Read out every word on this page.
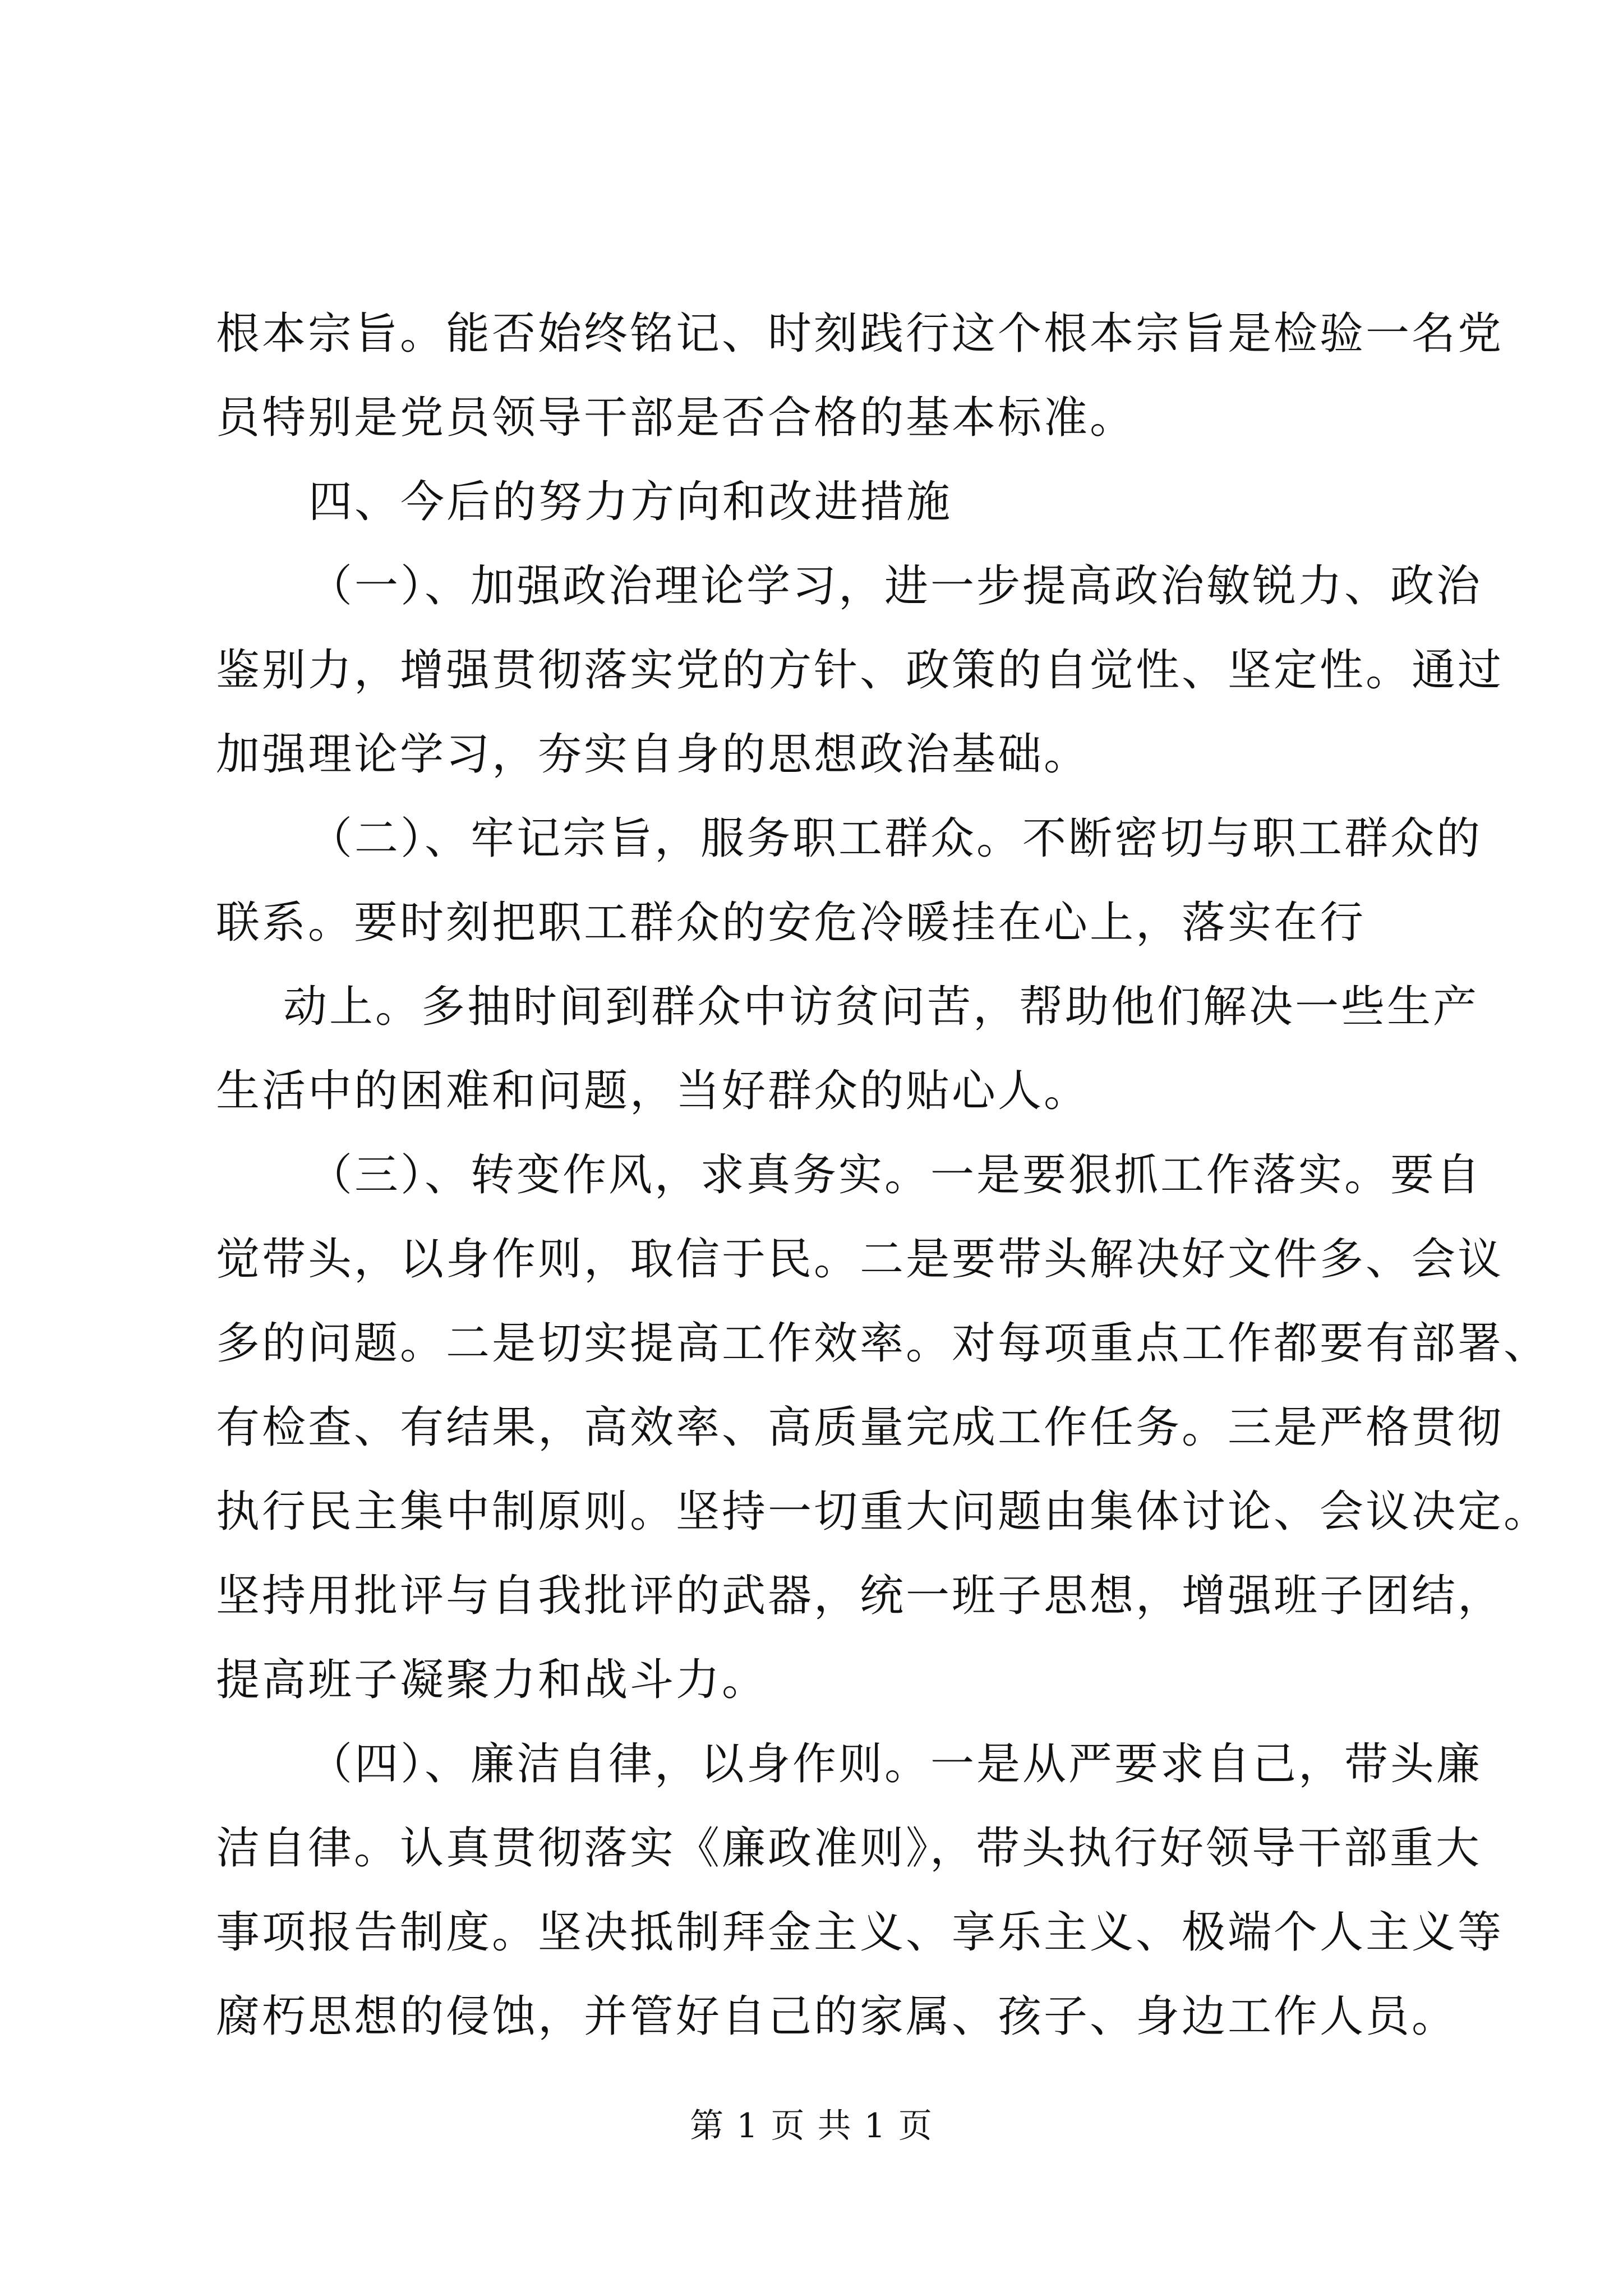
根本宗旨。能否始终铭记、时刻践行这个根本宗旨是检验一名党
员特别是党员领导干部是否合格的基本标准。
四、今后的努力方向和改进措施
（一）、加强政治理论学习，进一步提高政治敏锐力、政治
鉴别力，增强贯彻落实党的方针、政策的自觉性、坚定性。通过
加强理论学习，夯实自身的思想政治基础。
（二）、牢记宗旨，服务职工群众。不断密切与职工群众的
联系。要时刻把职工群众的安危冷暖挂在心上，落实在行
动上。多抽时间到群众中访贫问苦，帮助他们解决一些生产
生活中的困难和问题，当好群众的贴心人。
（三）、转变作风，求真务实。一是要狠抓工作落实。要自
觉带头，以身作则，取信于民。二是要带头解决好文件多、会议
多的问题。二是切实提高工作效率。对每项重点工作都要有部署、
有检查、有结果，高效率、高质量完成工作任务。三是严格贯彻
执行民主集中制原则。坚持一切重大问题由集体讨论、会议决定。
坚持用批评与自我批评的武器，统一班子思想，增强班子团结，
提高班子凝聚力和战斗力。
（四）、廉洁自律，以身作则。一是从严要求自己，带头廉
洁自律。认真贯彻落实《廉政准则》，带头执行好领导干部重大
事项报告制度。坚决抵制拜金主义、享乐主义、极端个人主义等
腐朽思想的侵蚀，并管好自己的家属、孩子、身边工作人员。
第 1 页 共 1 页
